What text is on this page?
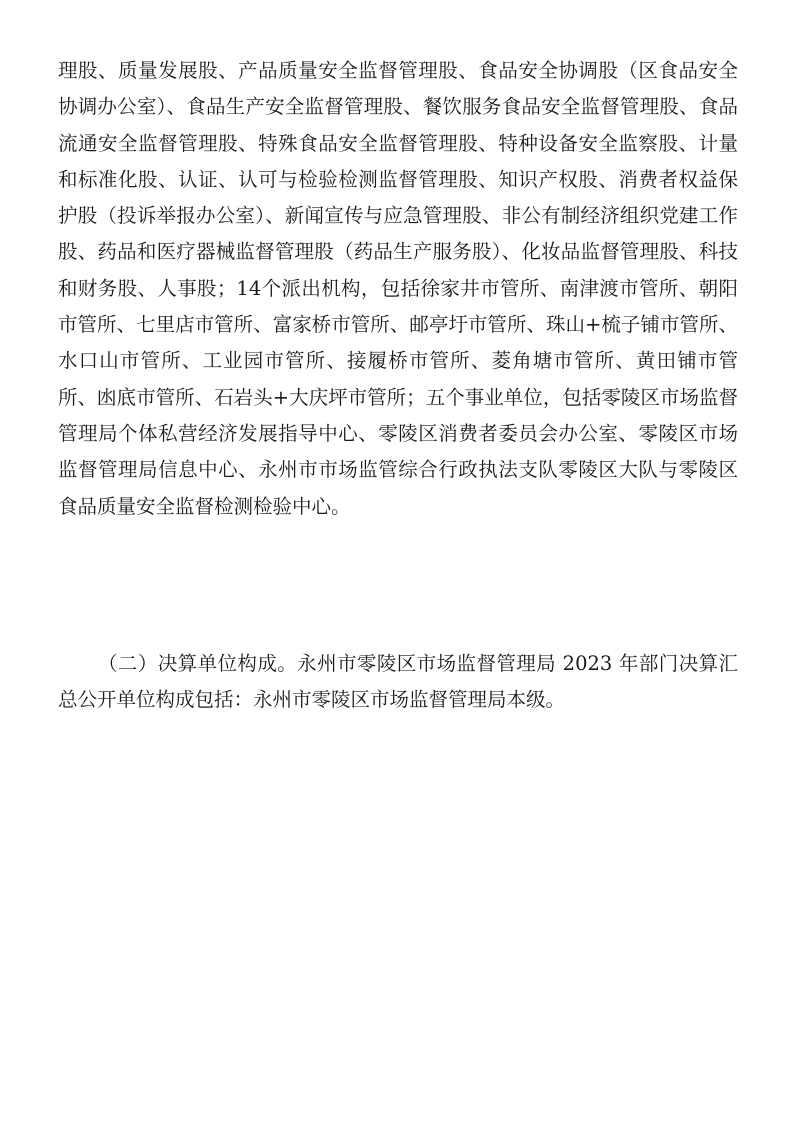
理股、质量发展股、产品质量安全监督管理股、食品安全协调股（区食品安全协调办公室）、食品生产安全监督管理股、餐饮服务食品安全监督管理股、食品流通安全监督管理股、特殊食品安全监督管理股、特种设备安全监察股、计量和标准化股、认证、认可与检验检测监督管理股、知识产权股、消费者权益保护股（投诉举报办公室）、新闻宣传与应急管理股、非公有制经济组织党建工作股、药品和医疗器械监督管理股（药品生产服务股）、化妆品监督管理股、科技和财务股、人事股；14个派出机构，包括徐家井市管所、南津渡市管所、朝阳市管所、七里店市管所、富家桥市管所、邮亭圩市管所、珠山+梳子铺市管所、水口山市管所、工业园市管所、接履桥市管所、菱角塘市管所、黄田铺市管所、凼底市管所、石岩头+大庆坪市管所；五个事业单位，包括零陵区市场监督管理局个体私营经济发展指导中心、零陵区消费者委员会办公室、零陵区市场监督管理局信息中心、永州市市场监管综合行政执法支队零陵区大队与零陵区食品质量安全监督检测检验中心。

（二）决算单位构成。永州市零陵区市场监督管理局 2023 年部门决算汇总公开单位构成包括：永州市零陵区市场监督管理局本级。
